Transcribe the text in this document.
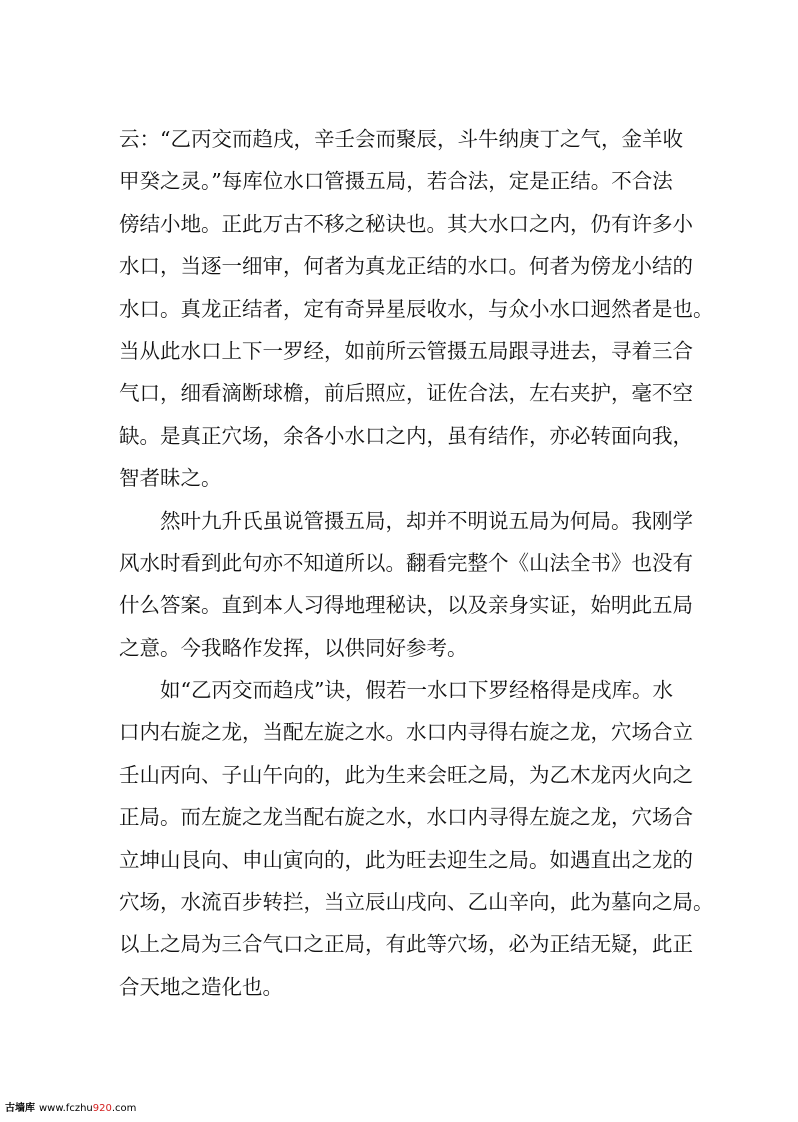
云：“乙丙交而趋戌，辛壬会而聚辰，斗牛纳庚丁之气，金羊收
甲癸之灵。”每库位水口管摄五局，若合法，定是正结。不合法
傍结小地。正此万古不移之秘诀也。其大水口之内，仍有许多小
水口，当逐一细审，何者为真龙正结的水口。何者为傍龙小结的
水口。真龙正结者，定有奇异星辰收水，与众小水口迥然者是也。
当从此水口上下一罗经，如前所云管摄五局跟寻进去，寻着三合
气口，细看滴断球檐，前后照应，证佐合法，左右夹护，毫不空
缺。是真正穴场，余各小水口之内，虽有结作，亦必转面向我，
智者昧之。
　　然叶九升氏虽说管摄五局，却并不明说五局为何局。我刚学
风水时看到此句亦不知道所以。翻看完整个《山法全书》也没有
什么答案。直到本人习得地理秘诀，以及亲身实证，始明此五局
之意。今我略作发挥，以供同好参考。
　　如“乙丙交而趋戌”诀，假若一水口下罗经格得是戌库。水
口内右旋之龙，当配左旋之水。水口内寻得右旋之龙，穴场合立
壬山丙向、子山午向的，此为生来会旺之局，为乙木龙丙火向之
正局。而左旋之龙当配右旋之水，水口内寻得左旋之龙，穴场合
立坤山艮向、申山寅向的，此为旺去迎生之局。如遇直出之龙的
穴场，水流百步转拦，当立辰山戌向、乙山辛向，此为墓向之局。
以上之局为三合气口之正局，有此等穴场，必为正结无疑，此正
合天地之造化也。
古墙库 www.fczhu920.com
